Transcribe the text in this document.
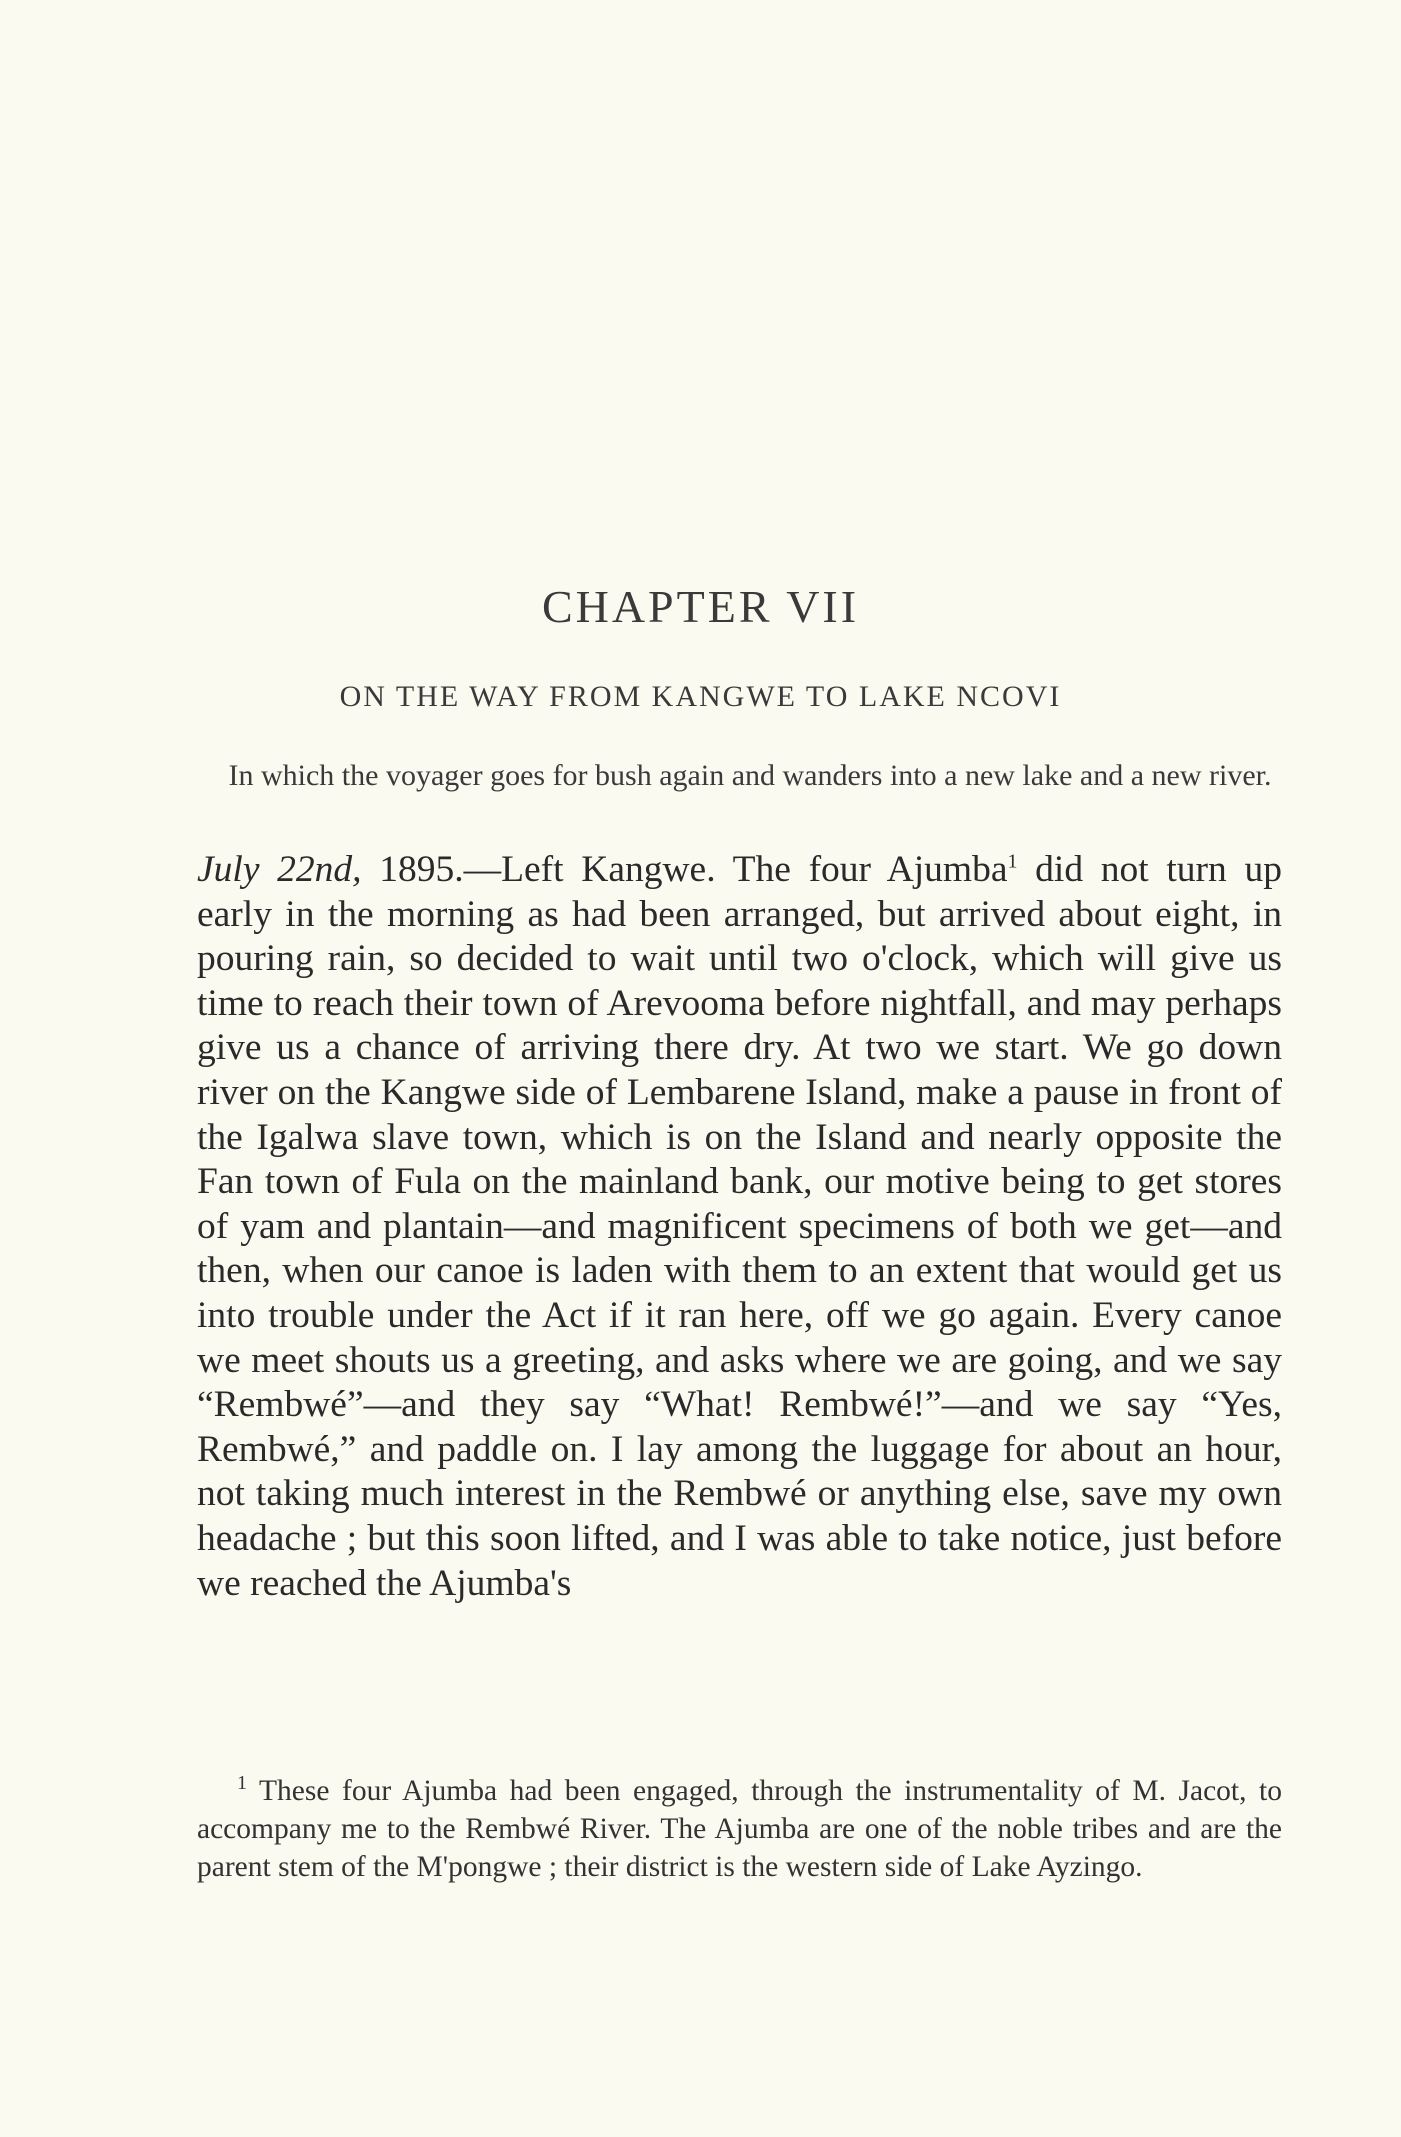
CHAPTER VII
ON THE WAY FROM KANGWE TO LAKE NCOVI

In which the voyager goes for bush again and wanders into a new lake and a new river.

July 22nd, 1895.—Left Kangwe. The four Ajumba$^1$ did not turn up early in the morning as had been arranged, but arrived about eight, in pouring rain, so decided to wait until two o'clock, which will give us time to reach their town of Arevooma before nightfall, and may perhaps give us a chance of arriving there dry. At two we start. We go down river on the Kangwe side of Lembarene Island, make a pause in front of the Igalwa slave town, which is on the Island and nearly opposite the Fan town of Fula on the mainland bank, our motive being to get stores of yam and plantain—and magnificent specimens of both we get—and then, when our canoe is laden with them to an extent that would get us into trouble under the Act if it ran here, off we go again. Every canoe we meet shouts us a greeting, and asks where we are going, and we say “Rembwé”—and they say “What! Rembwé!”—and we say “Yes, Rembwé,” and paddle on. I lay among the luggage for about an hour, not taking much interest in the Rembwé or anything else, save my own headache ; but this soon lifted, and I was able to take notice, just before we reached the Ajumba's

$^1$ These four Ajumba had been engaged, through the instrumentality of M. Jacot, to accompany me to the Rembwé River. The Ajumba are one of the noble tribes and are the parent stem of the M'pongwe ; their district is the western side of Lake Ayzingo.
